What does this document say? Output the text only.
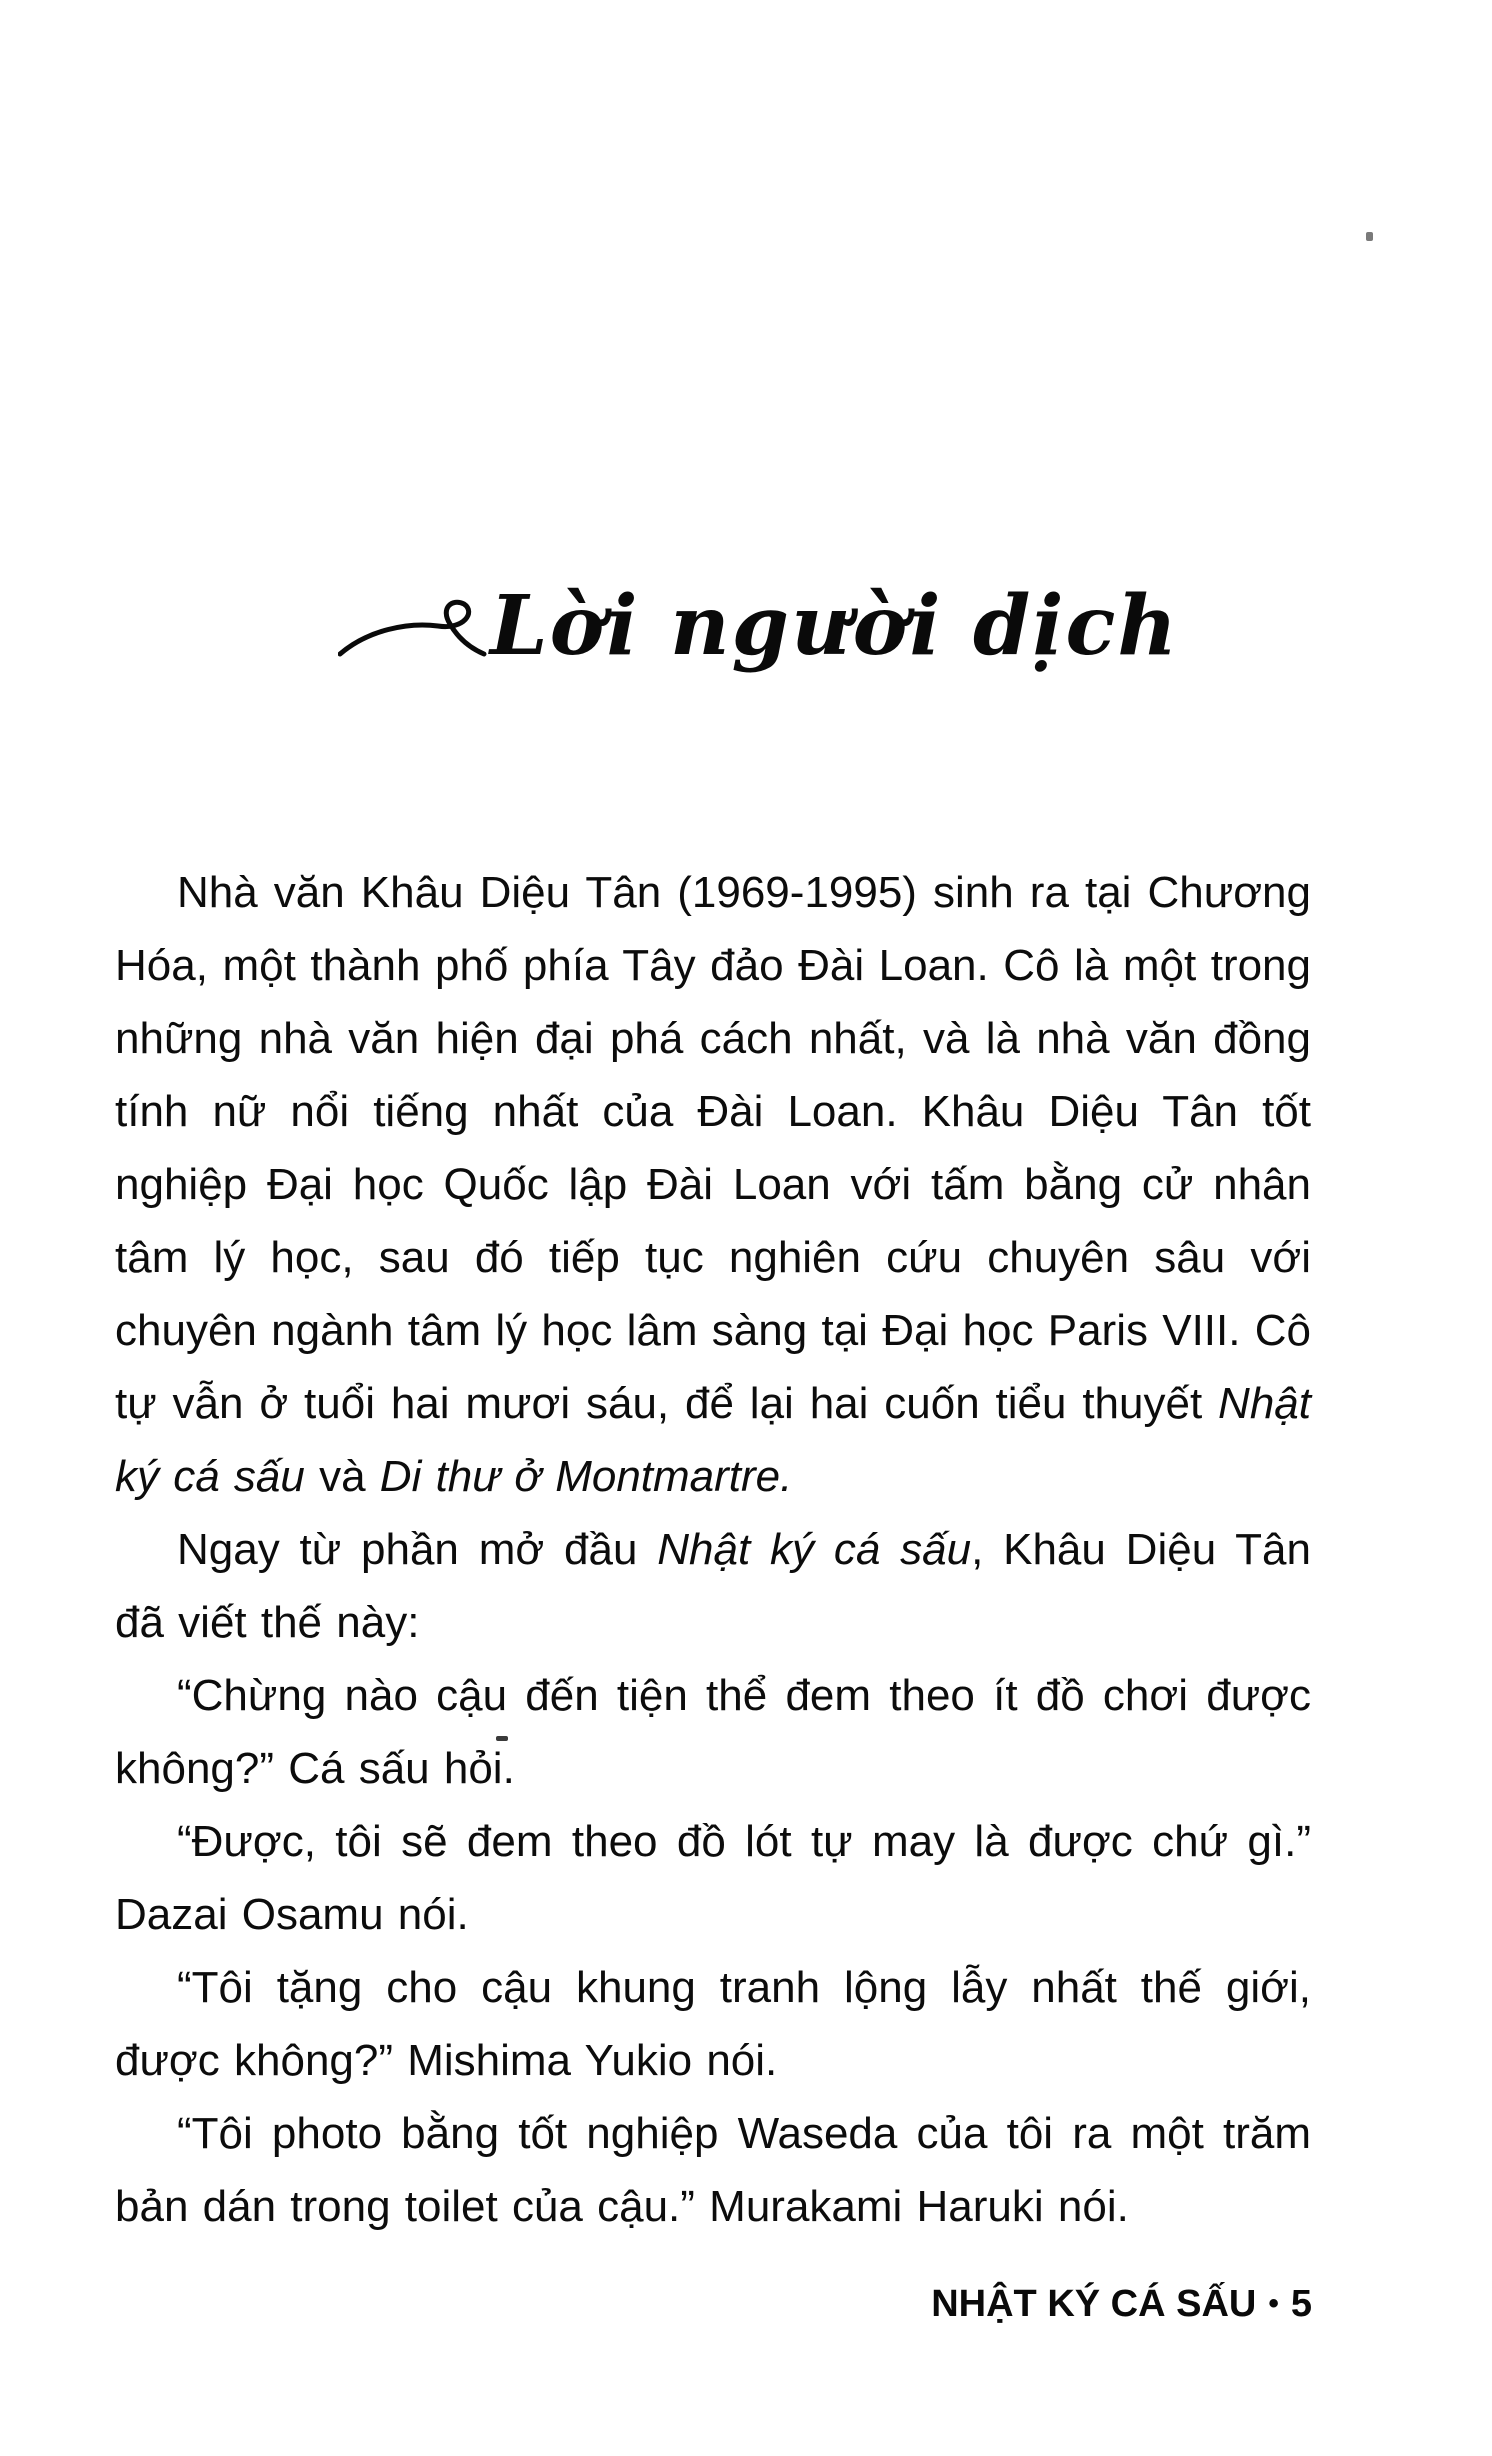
Lời người dịch

Nhà văn Khâu Diệu Tân (1969-1995) sinh ra tại Chương Hóa, một thành phố phía Tây đảo Đài Loan. Cô là một trong những nhà văn hiện đại phá cách nhất, và là nhà văn đồng tính nữ nổi tiếng nhất của Đài Loan. Khâu Diệu Tân tốt nghiệp Đại học Quốc lập Đài Loan với tấm bằng cử nhân tâm lý học, sau đó tiếp tục nghiên cứu chuyên sâu với chuyên ngành tâm lý học lâm sàng tại Đại học Paris VIII. Cô tự vẫn ở tuổi hai mươi sáu, để lại hai cuốn tiểu thuyết Nhật ký cá sấu và Di thư ở Montmartre.

Ngay từ phần mở đầu Nhật ký cá sấu, Khâu Diệu Tân đã viết thế này:

“Chừng nào cậu đến tiện thể đem theo ít đồ chơi được không?” Cá sấu hỏi.

“Được, tôi sẽ đem theo đồ lót tự may là được chứ gì.” Dazai Osamu nói.

“Tôi tặng cho cậu khung tranh lộng lẫy nhất thế giới, được không?” Mishima Yukio nói.

“Tôi photo bằng tốt nghiệp Waseda của tôi ra một trăm bản dán trong toilet của cậu.” Murakami Haruki nói.

NHẬT KÝ CÁ SẤU • 5
